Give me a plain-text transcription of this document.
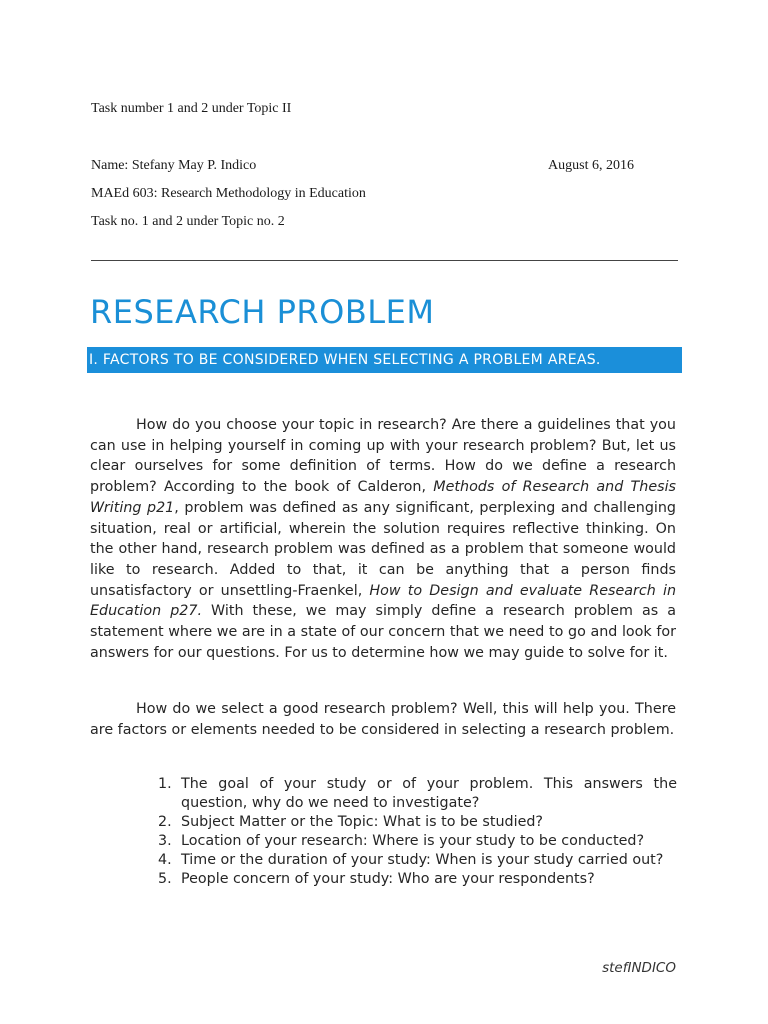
Task number 1 and 2 under Topic II
Name: Stefany May P. Indico	August 6, 2016
MAEd 603: Research Methodology in Education
Task no. 1 and 2 under Topic no. 2
RESEARCH PROBLEM
I. FACTORS TO BE CONSIDERED WHEN SELECTING A PROBLEM AREAS.
How do you choose your topic in research? Are there a guidelines that you can use in helping yourself in coming up with your research problem? But, let us clear ourselves for some definition of terms. How do we define a research problem? According to the book of Calderon, Methods of Research and Thesis Writing p21, problem was defined as any significant, perplexing and challenging situation, real or artificial, wherein the solution requires reflective thinking. On the other hand, research problem was defined as a problem that someone would like to research. Added to that, it can be anything that a person finds unsatisfactory or unsettling-Fraenkel, How to Design and evaluate Research in Education p27. With these, we may simply define a research problem as a statement where we are in a state of our concern that we need to go and look for answers for our questions. For us to determine how we may guide to solve for it.
How do we select a good research problem? Well, this will help you. There are factors or elements needed to be considered in selecting a research problem.
1. The goal of your study or of your problem. This answers the question, why do we need to investigate?
2. Subject Matter or the Topic: What is to be studied?
3. Location of your research: Where is your study to be conducted?
4. Time or the duration of your study: When is your study carried out?
5. People concern of your study: Who are your respondents?
stefINDICO
